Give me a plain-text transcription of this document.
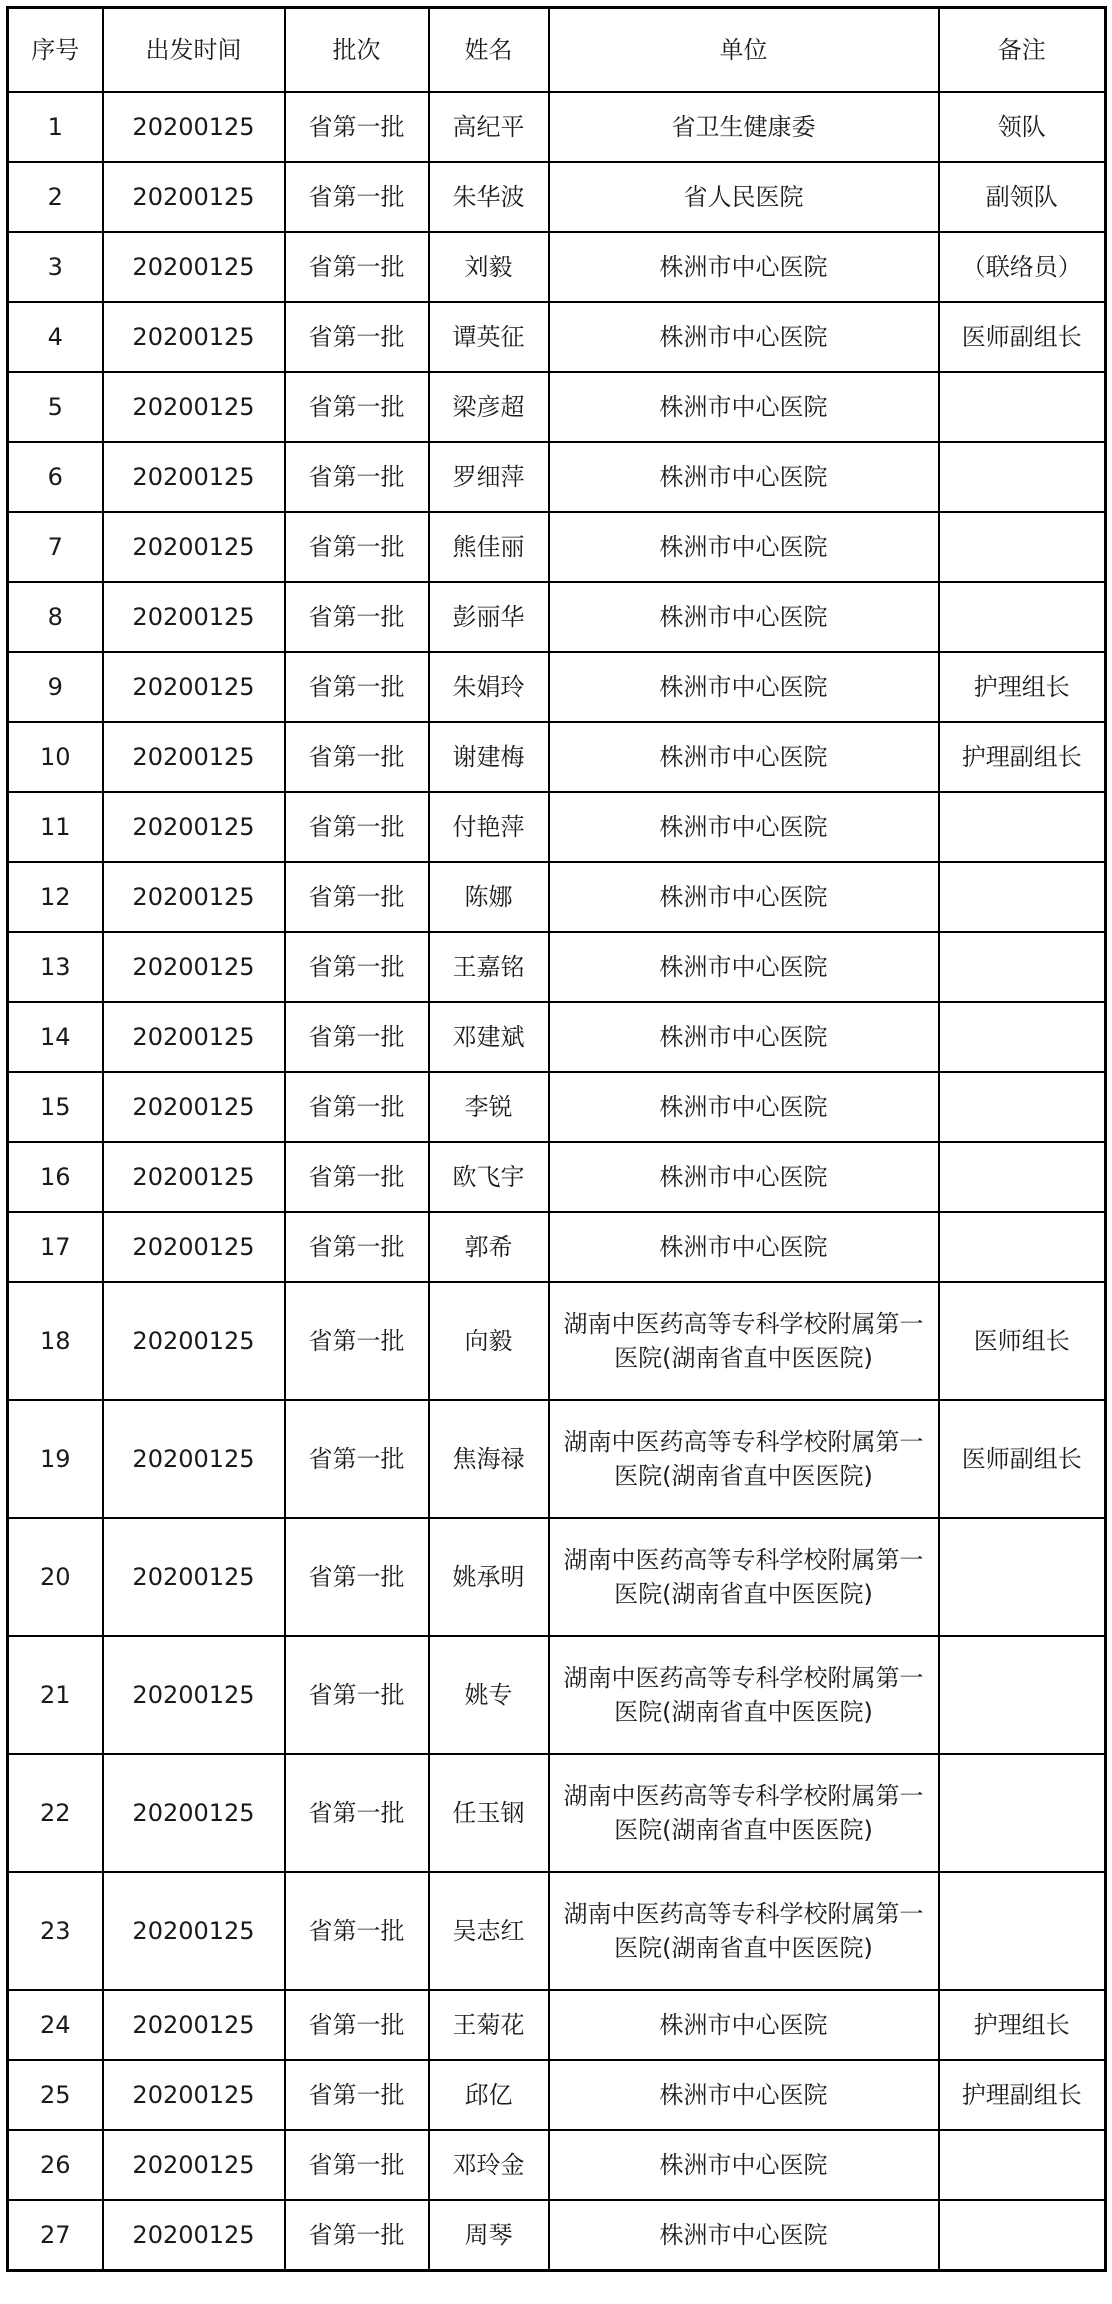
序号	出发时间	批次	姓名	单位	备注
1	20200125	省第一批	高纪平	省卫生健康委	领队
2	20200125	省第一批	朱华波	省人民医院	副领队
3	20200125	省第一批	刘毅	株洲市中心医院	（联络员）
4	20200125	省第一批	谭英征	株洲市中心医院	医师副组长
5	20200125	省第一批	梁彦超	株洲市中心医院	
6	20200125	省第一批	罗细萍	株洲市中心医院	
7	20200125	省第一批	熊佳丽	株洲市中心医院	
8	20200125	省第一批	彭丽华	株洲市中心医院	
9	20200125	省第一批	朱娟玲	株洲市中心医院	护理组长
10	20200125	省第一批	谢建梅	株洲市中心医院	护理副组长
11	20200125	省第一批	付艳萍	株洲市中心医院	
12	20200125	省第一批	陈娜	株洲市中心医院	
13	20200125	省第一批	王嘉铭	株洲市中心医院	
14	20200125	省第一批	邓建斌	株洲市中心医院	
15	20200125	省第一批	李锐	株洲市中心医院	
16	20200125	省第一批	欧飞宇	株洲市中心医院	
17	20200125	省第一批	郭希	株洲市中心医院	
18	20200125	省第一批	向毅	湖南中医药高等专科学校附属第一医院(湖南省直中医医院)	医师组长
19	20200125	省第一批	焦海禄	湖南中医药高等专科学校附属第一医院(湖南省直中医医院)	医师副组长
20	20200125	省第一批	姚承明	湖南中医药高等专科学校附属第一医院(湖南省直中医医院)	
21	20200125	省第一批	姚专	湖南中医药高等专科学校附属第一医院(湖南省直中医医院)	
22	20200125	省第一批	任玉钢	湖南中医药高等专科学校附属第一医院(湖南省直中医医院)	
23	20200125	省第一批	吴志红	湖南中医药高等专科学校附属第一医院(湖南省直中医医院)	
24	20200125	省第一批	王菊花	株洲市中心医院	护理组长
25	20200125	省第一批	邱亿	株洲市中心医院	护理副组长
26	20200125	省第一批	邓玲金	株洲市中心医院	
27	20200125	省第一批	周琴	株洲市中心医院	
